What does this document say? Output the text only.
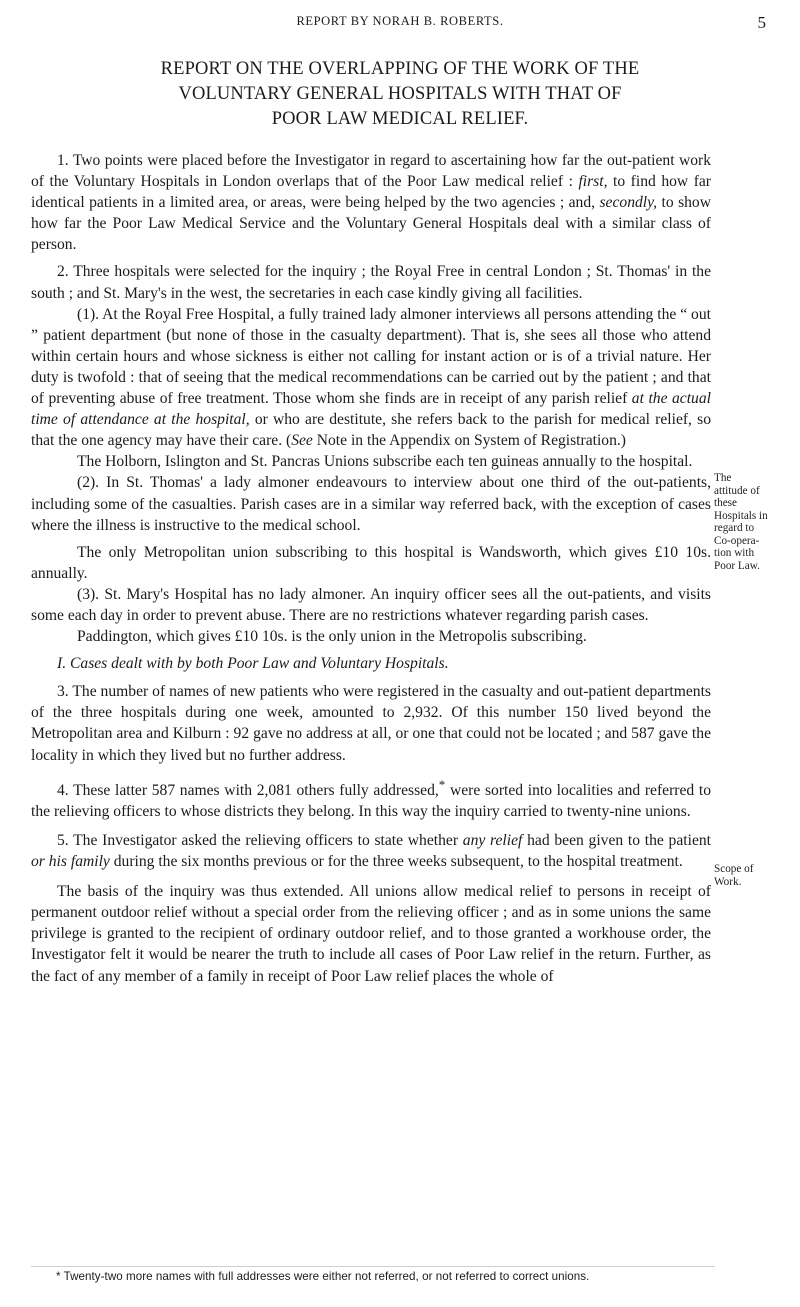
REPORT BY NORAH B. ROBERTS.	5
REPORT ON THE OVERLAPPING OF THE WORK OF THE
VOLUNTARY GENERAL HOSPITALS WITH THAT OF
POOR LAW MEDICAL RELIEF.

1. Two points were placed before the Investigator in regard to ascertaining how far the out-patient work of the Voluntary Hospitals in London overlaps that of the Poor Law medical relief : first, to find how far identical patients in a limited area, or areas, were being helped by the two agencies ; and, secondly, to show how far the Poor Law Medical Service and the Voluntary General Hospitals deal with a similar class of person.

2. Three hospitals were selected for the inquiry ; the Royal Free in central London ; St. Thomas' in the south ; and St. Mary's in the west, the secretaries in each case kindly giving all facilities.

(1). At the Royal Free Hospital, a fully trained lady almoner interviews all persons attending the “ out ” patient department (but none of those in the casualty department). That is, she sees all those who attend within certain hours and whose sickness is either not calling for instant action or is of a trivial nature. Her duty is twofold : that of seeing that the medical recommendations can be carried out by the patient ; and that of preventing abuse of free treatment. Those whom she finds are in receipt of any parish relief at the actual time of attendance at the hospital, or who are destitute, she refers back to the parish for medical relief, so that the one agency may have their care. (See Note in the Appendix on System of Registration.)

The Holborn, Islington and St. Pancras Unions subscribe each ten guineas annually to the hospital.

(2). In St. Thomas' a lady almoner endeavours to interview about one third of the out-patients, including some of the casualties. Parish cases are in a similar way referred back, with the exception of cases where the illness is instructive to the medical school.

The only Metropolitan union subscribing to this hospital is Wandsworth, which gives £10 10s. annually.

(3). St. Mary's Hospital has no lady almoner. An inquiry officer sees all the out-patients, and visits some each day in order to prevent abuse. There are no restrictions whatever regarding parish cases.

Paddington, which gives £10 10s. is the only union in the Metropolis subscribing.

I. Cases dealt with by both Poor Law and Voluntary Hospitals.

3. The number of names of new patients who were registered in the casualty and out-patient departments of the three hospitals during one week, amounted to 2,932. Of this number 150 lived beyond the Metropolitan area and Kilburn : 92 gave no address at all, or one that could not be located ; and 587 gave the locality in which they lived but no further address.

4. These latter 587 names with 2,081 others fully addressed,* were sorted into localities and referred to the relieving officers to whose districts they belong. In this way the inquiry carried to twenty-nine unions.

5. The Investigator asked the relieving officers to state whether any relief had been given to the patient or his family during the six months previous or for the three weeks subsequent, to the hospital treatment.

The basis of the inquiry was thus extended. All unions allow medical relief to persons in receipt of permanent outdoor relief without a special order from the relieving officer ; and as in some unions the same privilege is granted to the recipient of ordinary outdoor relief, and to those granted a workhouse order, the Investigator felt it would be nearer the truth to include all cases of Poor Law relief in the return. Further, as the fact of any member of a family in receipt of Poor Law relief places the whole of

The
attitude of
these
Hospitals in
regard to
Co-opera-
tion with
Poor Law.
Scope of
Work.
* Twenty-two more names with full addresses were either not referred, or not referred to correct unions.
